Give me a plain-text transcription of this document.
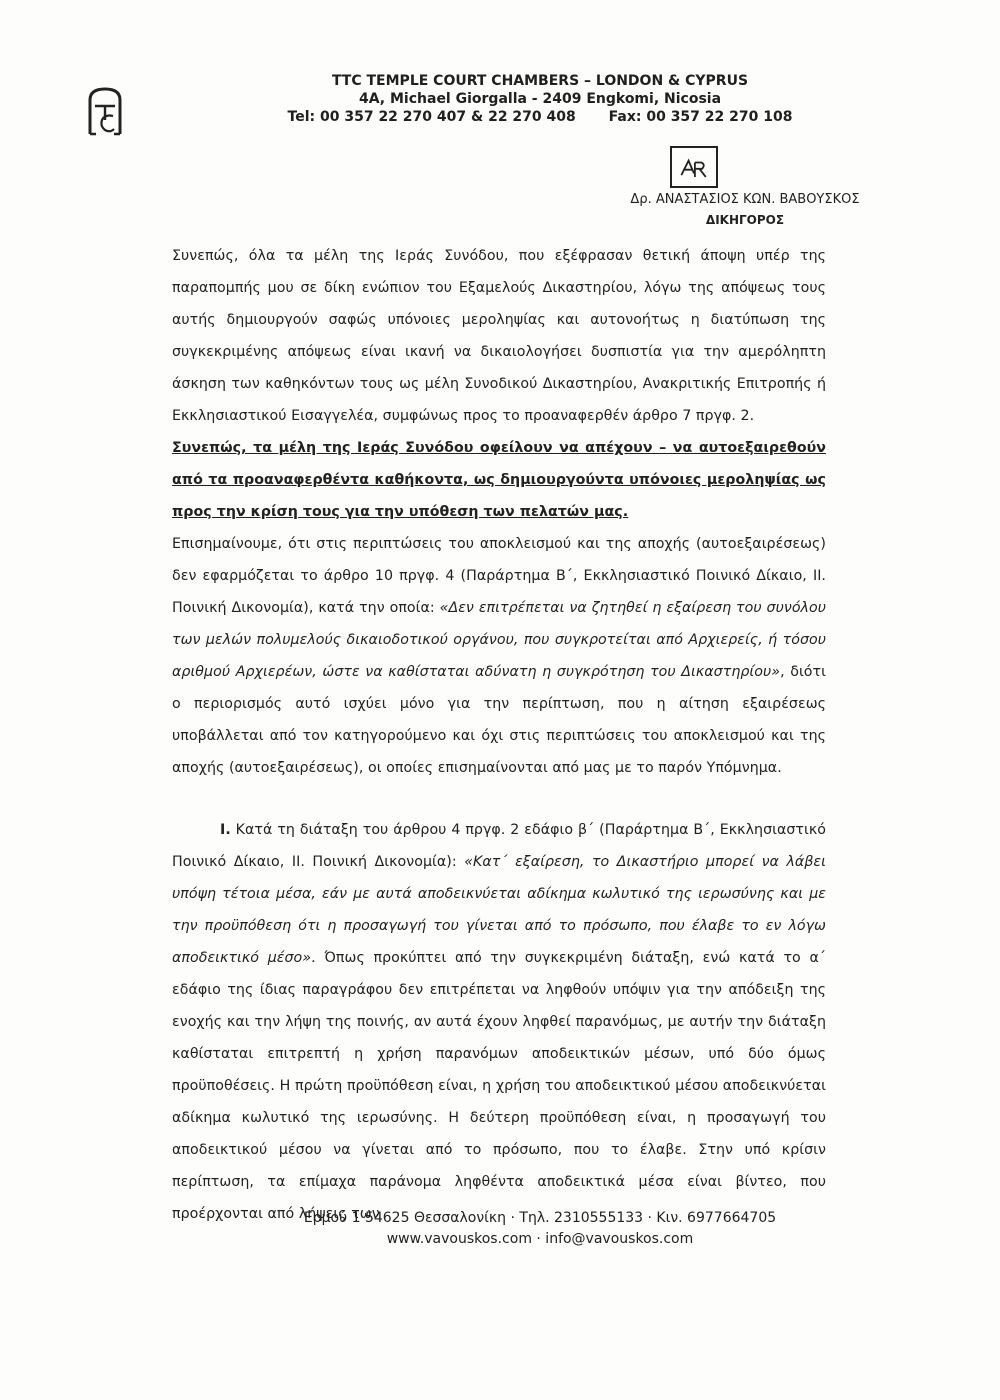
TTC TEMPLE COURT CHAMBERS – LONDON & CYPRUS
4A, Michael Giorgalla - 2409 Engkomi, Nicosia
Tel: 00 357 22 270 407 & 22 270 408 Fax: 00 357 22 270 108
Δρ. ΑΝΑΣΤΑΣΙΟΣ ΚΩΝ. ΒΑΒΟΥΣΚΟΣ
ΔΙΚΗΓΟΡΟΣ

Συνεπώς, όλα τα μέλη της Ιεράς Συνόδου, που εξέφρασαν θετική άποψη υπέρ της παραπομπής μου σε δίκη ενώπιον του Εξαμελούς Δικαστηρίου, λόγω της απόψεως τους αυτής δημιουργούν σαφώς υπόνοιες μεροληψίας και αυτονοήτως η διατύπωση της συγκεκριμένης απόψεως είναι ικανή να δικαιολογήσει δυσπιστία για την αμερόληπτη άσκηση των καθηκόντων τους ως μέλη Συνοδικού Δικαστηρίου, Ανακριτικής Επιτροπής ή Εκκλησιαστικού Εισαγγελέα, συμφώνως προς το προαναφερθέν άρθρο 7 πργφ. 2.

Συνεπώς, τα μέλη της Ιεράς Συνόδου οφείλουν να απέχουν – να αυτοεξαιρεθούν από τα προαναφερθέντα καθήκοντα, ως δημιουργούντα υπόνοιες μεροληψίας ως προς την κρίση τους για την υπόθεση των πελατών μας.

Επισημαίνουμε, ότι στις περιπτώσεις του αποκλεισμού και της αποχής (αυτοεξαιρέσεως) δεν εφαρμόζεται το άρθρο 10 πργφ. 4 (Παράρτημα Β΄, Εκκλησιαστικό Ποινικό Δίκαιο, ΙΙ. Ποινική Δικονομία), κατά την οποία: «Δεν επιτρέπεται να ζητηθεί η εξαίρεση του συνόλου των μελών πολυμελούς δικαιοδοτικού οργάνου, που συγκροτείται από Αρχιερείς, ή τόσου αριθμού Αρχιερέων, ώστε να καθίσταται αδύνατη η συγκρότηση του Δικαστηρίου», διότι ο περιορισμός αυτό ισχύει μόνο για την περίπτωση, που η αίτηση εξαιρέσεως υποβάλλεται από τον κατηγορούμενο και όχι στις περιπτώσεις του αποκλεισμού και της αποχής (αυτοεξαιρέσεως), οι οποίες επισημαίνονται από μας με το παρόν Υπόμνημα.

Ι. Κατά τη διάταξη του άρθρου 4 πργφ. 2 εδάφιο β΄ (Παράρτημα Β΄, Εκκλησιαστικό Ποινικό Δίκαιο, ΙΙ. Ποινική Δικονομία): «Κατ΄ εξαίρεση, το Δικαστήριο μπορεί να λάβει υπόψη τέτοια μέσα, εάν με αυτά αποδεικνύεται αδίκημα κωλυτικό της ιερωσύνης και με την προϋπόθεση ότι η προσαγωγή του γίνεται από το πρόσωπο, που έλαβε το εν λόγω αποδεικτικό μέσο». Όπως προκύπτει από την συγκεκριμένη διάταξη, ενώ κατά το α΄ εδάφιο της ίδιας παραγράφου δεν επιτρέπεται να ληφθούν υπόψιν για την απόδειξη της ενοχής και την λήψη της ποινής, αν αυτά έχουν ληφθεί παρανόμως, με αυτήν την διάταξη καθίσταται επιτρεπτή η χρήση παρανόμων αποδεικτικών μέσων, υπό δύο όμως προϋποθέσεις. Η πρώτη προϋπόθεση είναι, η χρήση του αποδεικτικού μέσου αποδεικνύεται αδίκημα κωλυτικό της ιερωσύνης. Η δεύτερη προϋπόθεση είναι, η προσαγωγή του αποδεικτικού μέσου να γίνεται από το πρόσωπο, που το έλαβε. Στην υπό κρίσιν περίπτωση, τα επίμαχα παράνομα ληφθέντα αποδεικτικά μέσα είναι βίντεο, που προέρχονται από λήψεις των

Ερμού 1 54625 Θεσσαλονίκη · Τηλ. 2310555133 · Κιν. 6977664705
www.vavouskos.com · info@vavouskos.com
